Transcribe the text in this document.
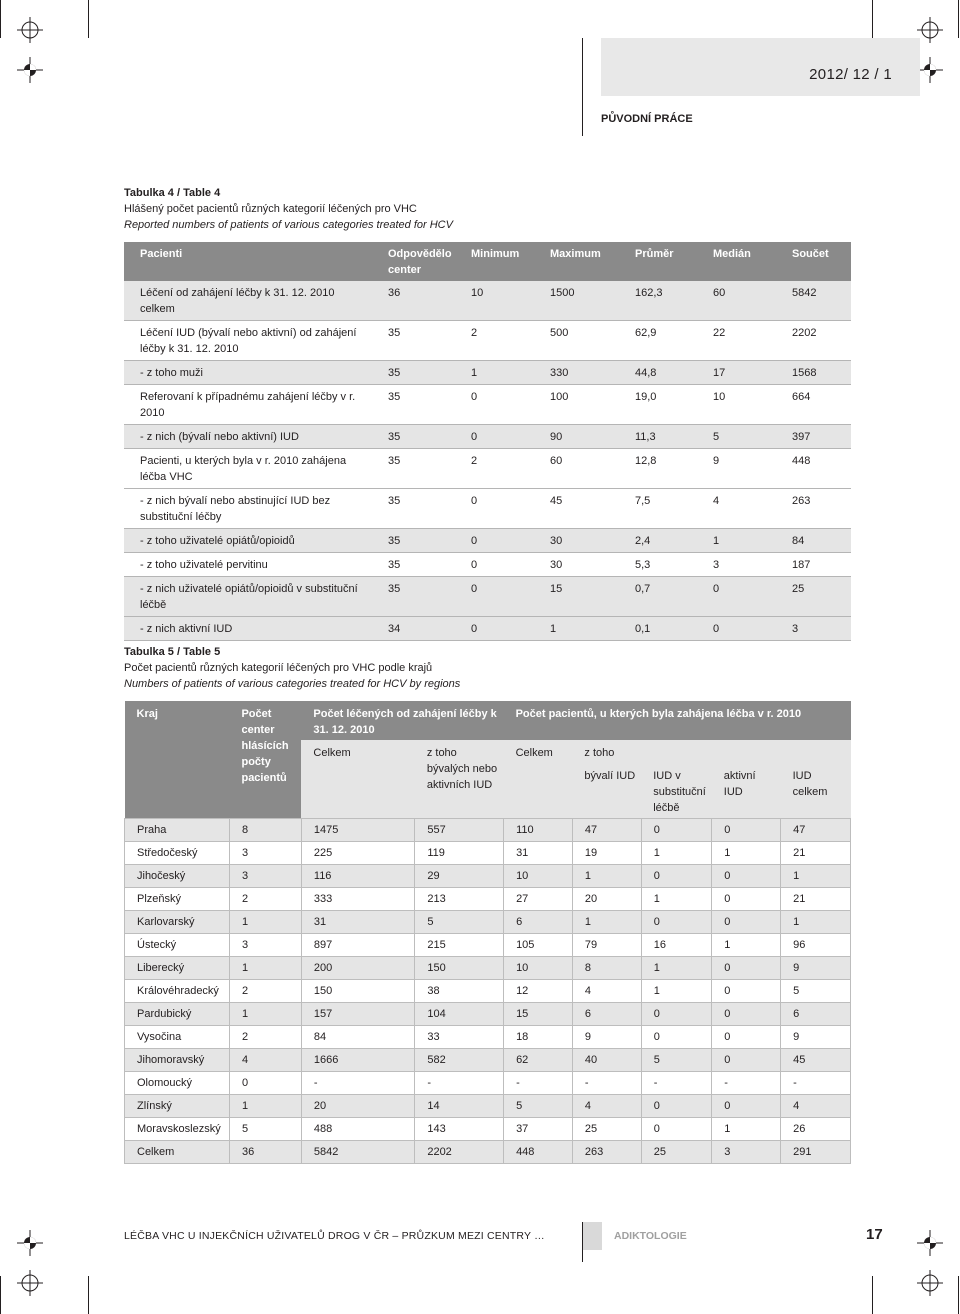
2012/ 12 / 1
PŮVODNÍ PRÁCE
Tabulka 4 / Table 4
Hlášený počet pacientů různých kategorií léčených pro VHC
Reported numbers of patients of various categories treated for HCV
Pacienti	Odpovědělo center	Minimum	Maximum	Průměr	Medián	Součet
Léčení od zahájení léčby k 31. 12. 2010 celkem	36	10	1500	162,3	60	5842
Léčení IUD (bývalí nebo aktivní) od zahájení léčby k 31. 12. 2010	35	2	500	62,9	22	2202
- z toho muži	35	1	330	44,8	17	1568
Referovaní k případnému zahájení léčby v r. 2010	35	0	100	19,0	10	664
- z nich (bývalí nebo aktivní) IUD	35	0	90	11,3	5	397
Pacienti, u kterých byla v r. 2010 zahájena léčba VHC	35	2	60	12,8	9	448
- z nich bývalí nebo abstinující IUD bez substituční léčby	35	0	45	7,5	4	263
- z toho uživatelé opiátů/opioidů	35	0	30	2,4	1	84
- z toho uživatelé pervitinu	35	0	30	5,3	3	187
- z nich uživatelé opiátů/opioidů v substituční léčbě	35	0	15	0,7	0	25
- z nich aktivní IUD	34	0	1	0,1	0	3
Tabulka 5 / Table 5
Počet pacientů různých kategorií léčených pro VHC podle krajů
Numbers of patients of various categories treated for HCV by regions
Kraj	Počet center hlásících počty pacientů	Počet léčených od zahájení léčby k 31. 12. 2010		Počet pacientů, u kterých byla zahájena léčba v r. 2010				
		Celkem	z toho bývalých nebo aktivních IUD	Celkem	z toho			
					bývalí IUD	IUD v substituční léčbě	aktivní IUD	IUD celkem
Praha	8	1475	557	110	47	0	0	47
Středočeský	3	225	119	31	19	1	1	21
Jihočeský	3	116	29	10	1	0	0	1
Plzeňský	2	333	213	27	20	1	0	21
Karlovarský	1	31	5	6	1	0	0	1
Ústecký	3	897	215	105	79	16	1	96
Liberecký	1	200	150	10	8	1	0	9
Královéhradecký	2	150	38	12	4	1	0	5
Pardubický	1	157	104	15	6	0	0	6
Vysočina	2	84	33	18	9	0	0	9
Jihomoravský	4	1666	582	62	40	5	0	45
Olomoucký	0	-	-	-	-	-	-	-
Zlínský	1	20	14	5	4	0	0	4
Moravskoslezský	5	488	143	37	25	0	1	26
Celkem	36	5842	2202	448	263	25	3	291
LÉČBA VHC U INJEKČNÍCH UŽIVATELŮ DROG V ČR – PRŮZKUM MEZI CENTRY …	ADIKTOLOGIE	17
